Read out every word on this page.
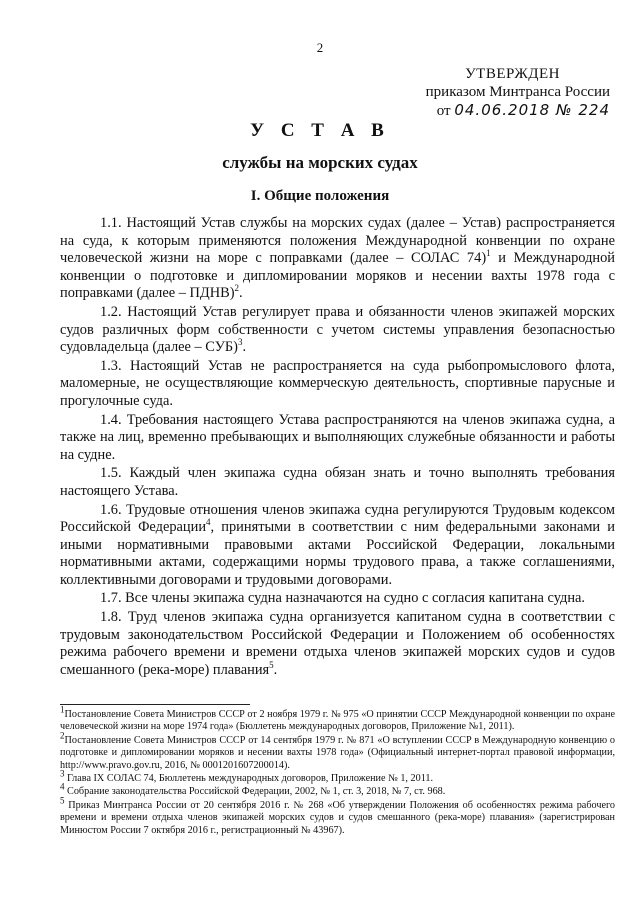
2
УТВЕРЖДЕН
приказом Минтранса России
от 04.06.2018 № 224
У С Т А В
службы на морских судах
I. Общие положения

1.1. Настоящий Устав службы на морских судах (далее – Устав) распространяется на суда, к которым применяются положения Международной конвенции по охране человеческой жизни на море с поправками (далее – СОЛАС 74)$^1$ и Международной конвенции о подготовке и дипломировании моряков и несении вахты 1978 года с поправками (далее – ПДНВ)$^2$.

1.2. Настоящий Устав регулирует права и обязанности членов экипажей морских судов различных форм собственности с учетом системы управления безопасностью судовладельца (далее – СУБ)$^3$.

1.3. Настоящий Устав не распространяется на суда рыбопромыслового флота, маломерные, не осуществляющие коммерческую деятельность, спортивные парусные и прогулочные суда.

1.4. Требования настоящего Устава распространяются на членов экипажа судна, а также на лиц, временно пребывающих и выполняющих служебные обязанности и работы на судне.

1.5. Каждый член экипажа судна обязан знать и точно выполнять требования настоящего Устава.

1.6. Трудовые отношения членов экипажа судна регулируются Трудовым кодексом Российской Федерации$^4$, принятыми в соответствии с ним федеральными законами и иными нормативными правовыми актами Российской Федерации, локальными нормативными актами, содержащими нормы трудового права, а также соглашениями, коллективными договорами и трудовыми договорами.

1.7. Все члены экипажа судна назначаются на судно с согласия капитана судна.

1.8. Труд членов экипажа судна организуется капитаном судна в соответствии с трудовым законодательством Российской Федерации и Положением об особенностях режима рабочего времени и времени отдыха членов экипажей морских судов и судов смешанного (река-море) плавания$^5$.

$^1$Постановление Совета Министров СССР от 2 ноября 1979 г. № 975 «О принятии СССР Международной конвенции по охране человеческой жизни на море 1974 года» (Бюллетень международных договоров, Приложение №1, 2011).
$^2$Постановление Совета Министров СССР от 14 сентября 1979 г. № 871 «О вступлении СССР в Международную конвенцию о подготовке и дипломировании моряков и несении вахты 1978 года» (Официальный интернет-портал правовой информации, http://www.pravo.gov.ru, 2016, № 0001201607200014).
$^3$ Глава IX СОЛАС 74, Бюллетень международных договоров, Приложение № 1, 2011.
$^4$ Собрание законодательства Российской Федерации, 2002, № 1, ст. 3, 2018, № 7, ст. 968.
$^5$ Приказ Минтранса России от 20 сентября 2016 г. № 268 «Об утверждении Положения об особенностях режима рабочего времени и времени отдыха членов экипажей морских судов и судов смешанного (река-море) плавания» (зарегистрирован Минюстом России 7 октября 2016 г., регистрационный № 43967).
